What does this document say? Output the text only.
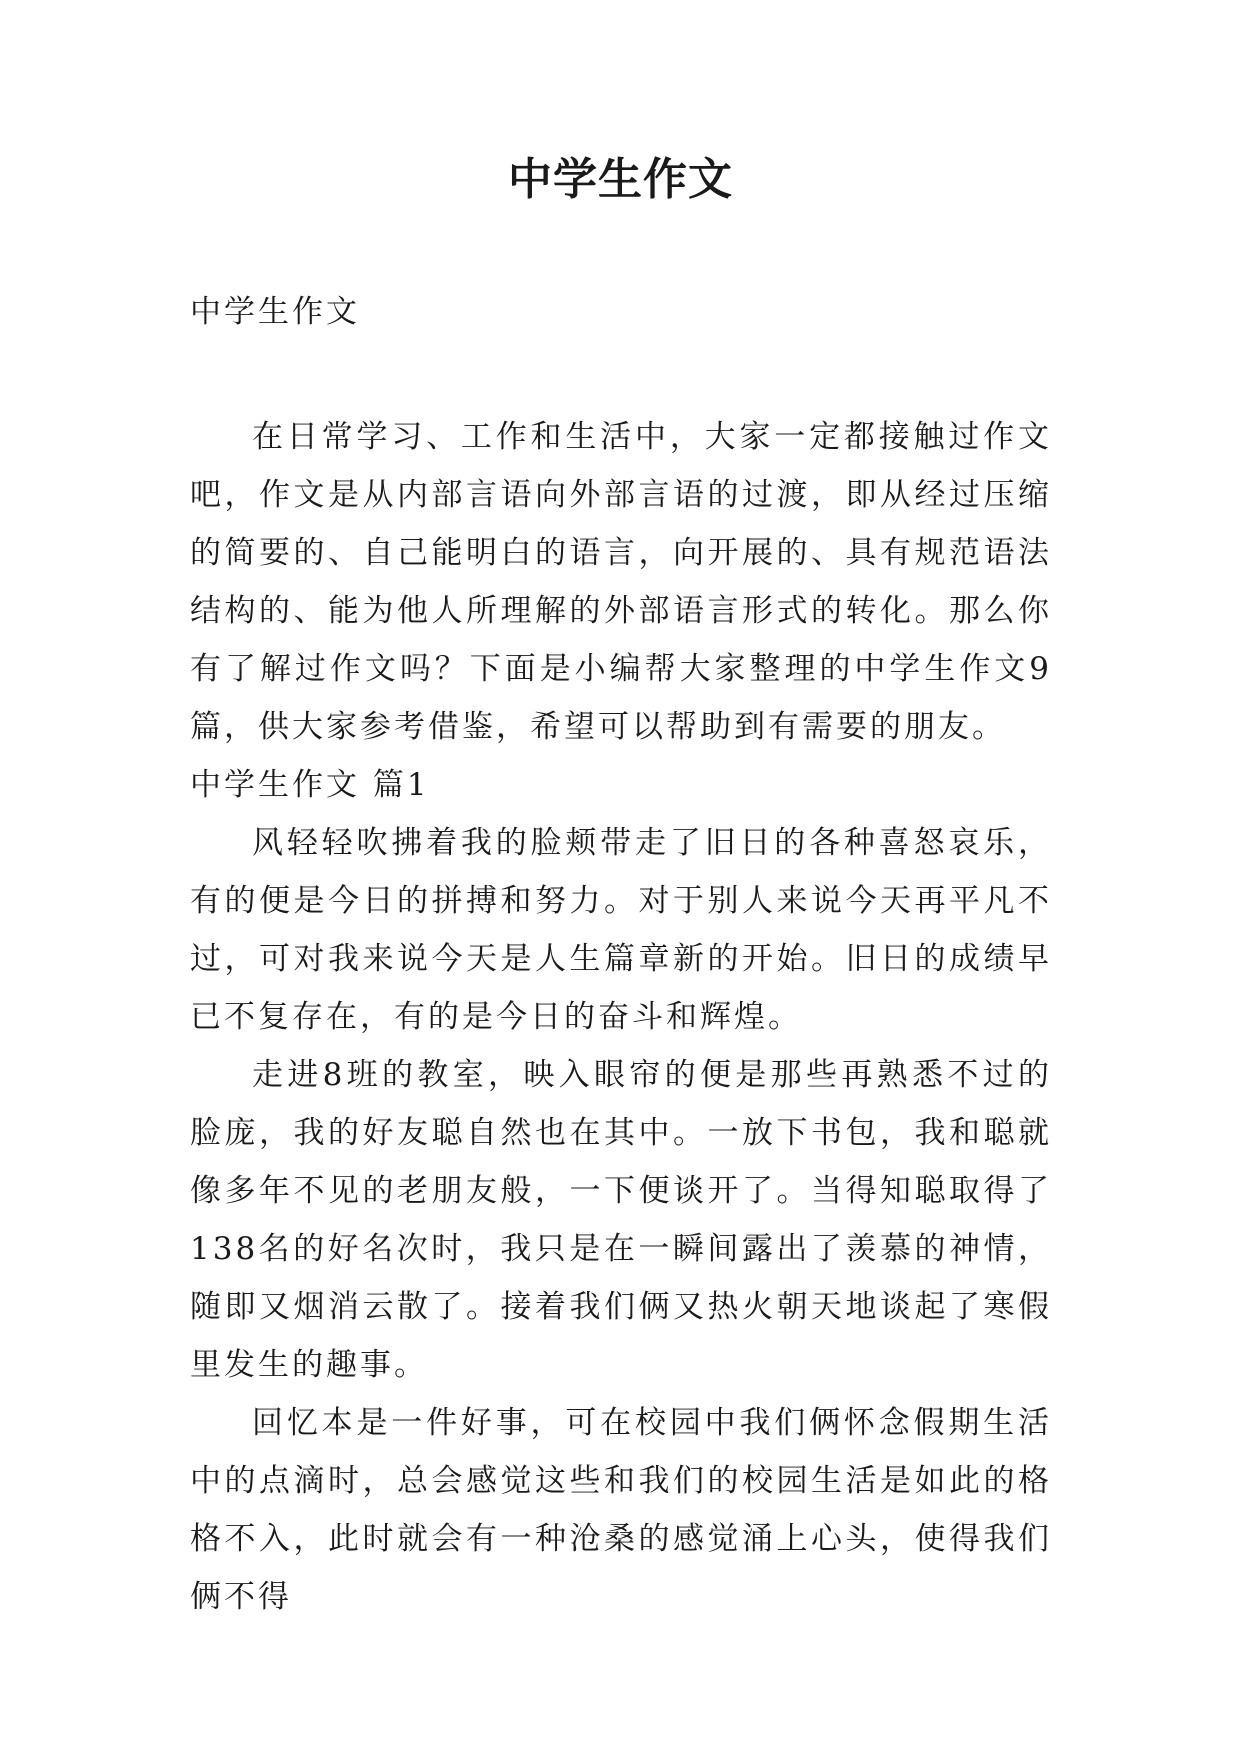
中学生作文
中学生作文

在日常学习、工作和生活中，大家一定都接触过作文吧，作文是从内部言语向外部言语的过渡，即从经过压缩的简要的、自己能明白的语言，向开展的、具有规范语法结构的、能为他人所理解的外部语言形式的转化。那么你有了解过作文吗？下面是小编帮大家整理的中学生作文9篇，供大家参考借鉴，希望可以帮助到有需要的朋友。

中学生作文 篇1

风轻轻吹拂着我的脸颊带走了旧日的各种喜怒哀乐，有的便是今日的拼搏和努力。对于别人来说今天再平凡不过，可对我来说今天是人生篇章新的开始。旧日的成绩早已不复存在，有的是今日的奋斗和辉煌。

走进8班的教室，映入眼帘的便是那些再熟悉不过的脸庞，我的好友聪自然也在其中。一放下书包，我和聪就像多年不见的老朋友般，一下便谈开了。当得知聪取得了138名的好名次时，我只是在一瞬间露出了羡慕的神情，随即又烟消云散了。接着我们俩又热火朝天地谈起了寒假里发生的趣事。

回忆本是一件好事，可在校园中我们俩怀念假期生活中的点滴时，总会感觉这些和我们的校园生活是如此的格格不入，此时就会有一种沧桑的感觉涌上心头，使得我们俩不得
